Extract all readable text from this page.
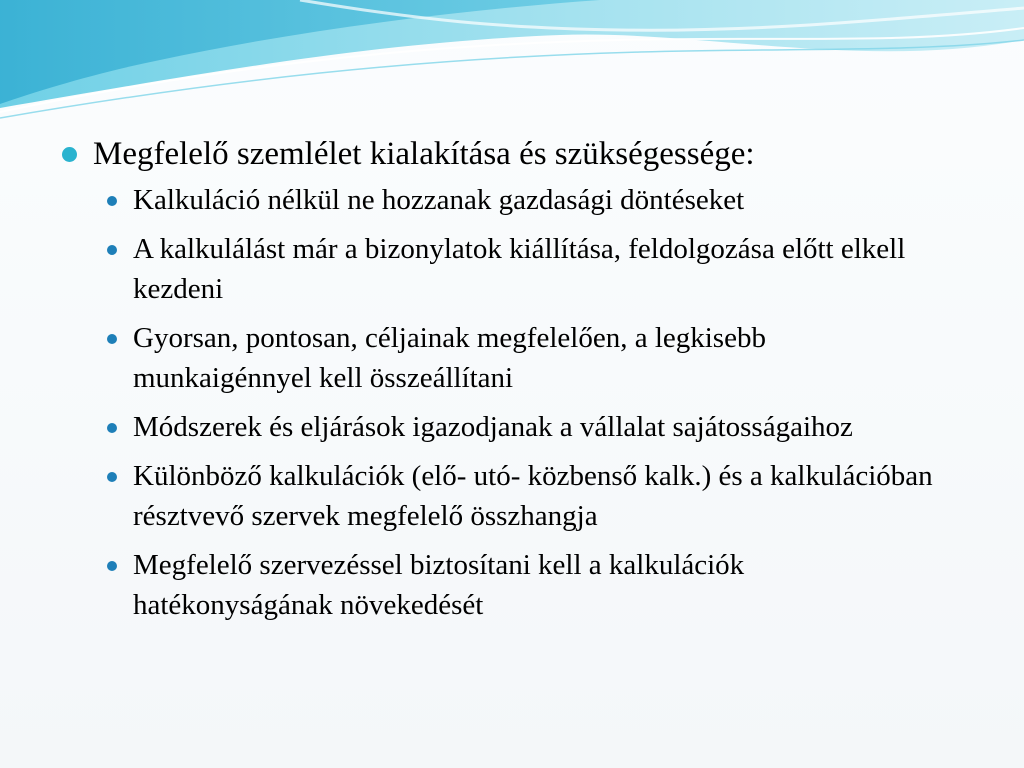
Megfelelő szemlélet kialakítása és szükségessége:
Kalkuláció nélkül ne hozzanak gazdasági döntéseket
A kalkulálást már a bizonylatok kiállítása, feldolgozása előtt elkell kezdeni
Gyorsan, pontosan, céljainak megfelelően, a legkisebb munkaigénnyel kell összeállítani
Módszerek és eljárások igazodjanak a vállalat sajátosságaihoz
Különböző kalkulációk (elő- utó- közbenső kalk.) és a kalkulációban résztvevő szervek megfelelő összhangja
Megfelelő szervezéssel biztosítani kell a kalkulációk hatékonyságának növekedését
